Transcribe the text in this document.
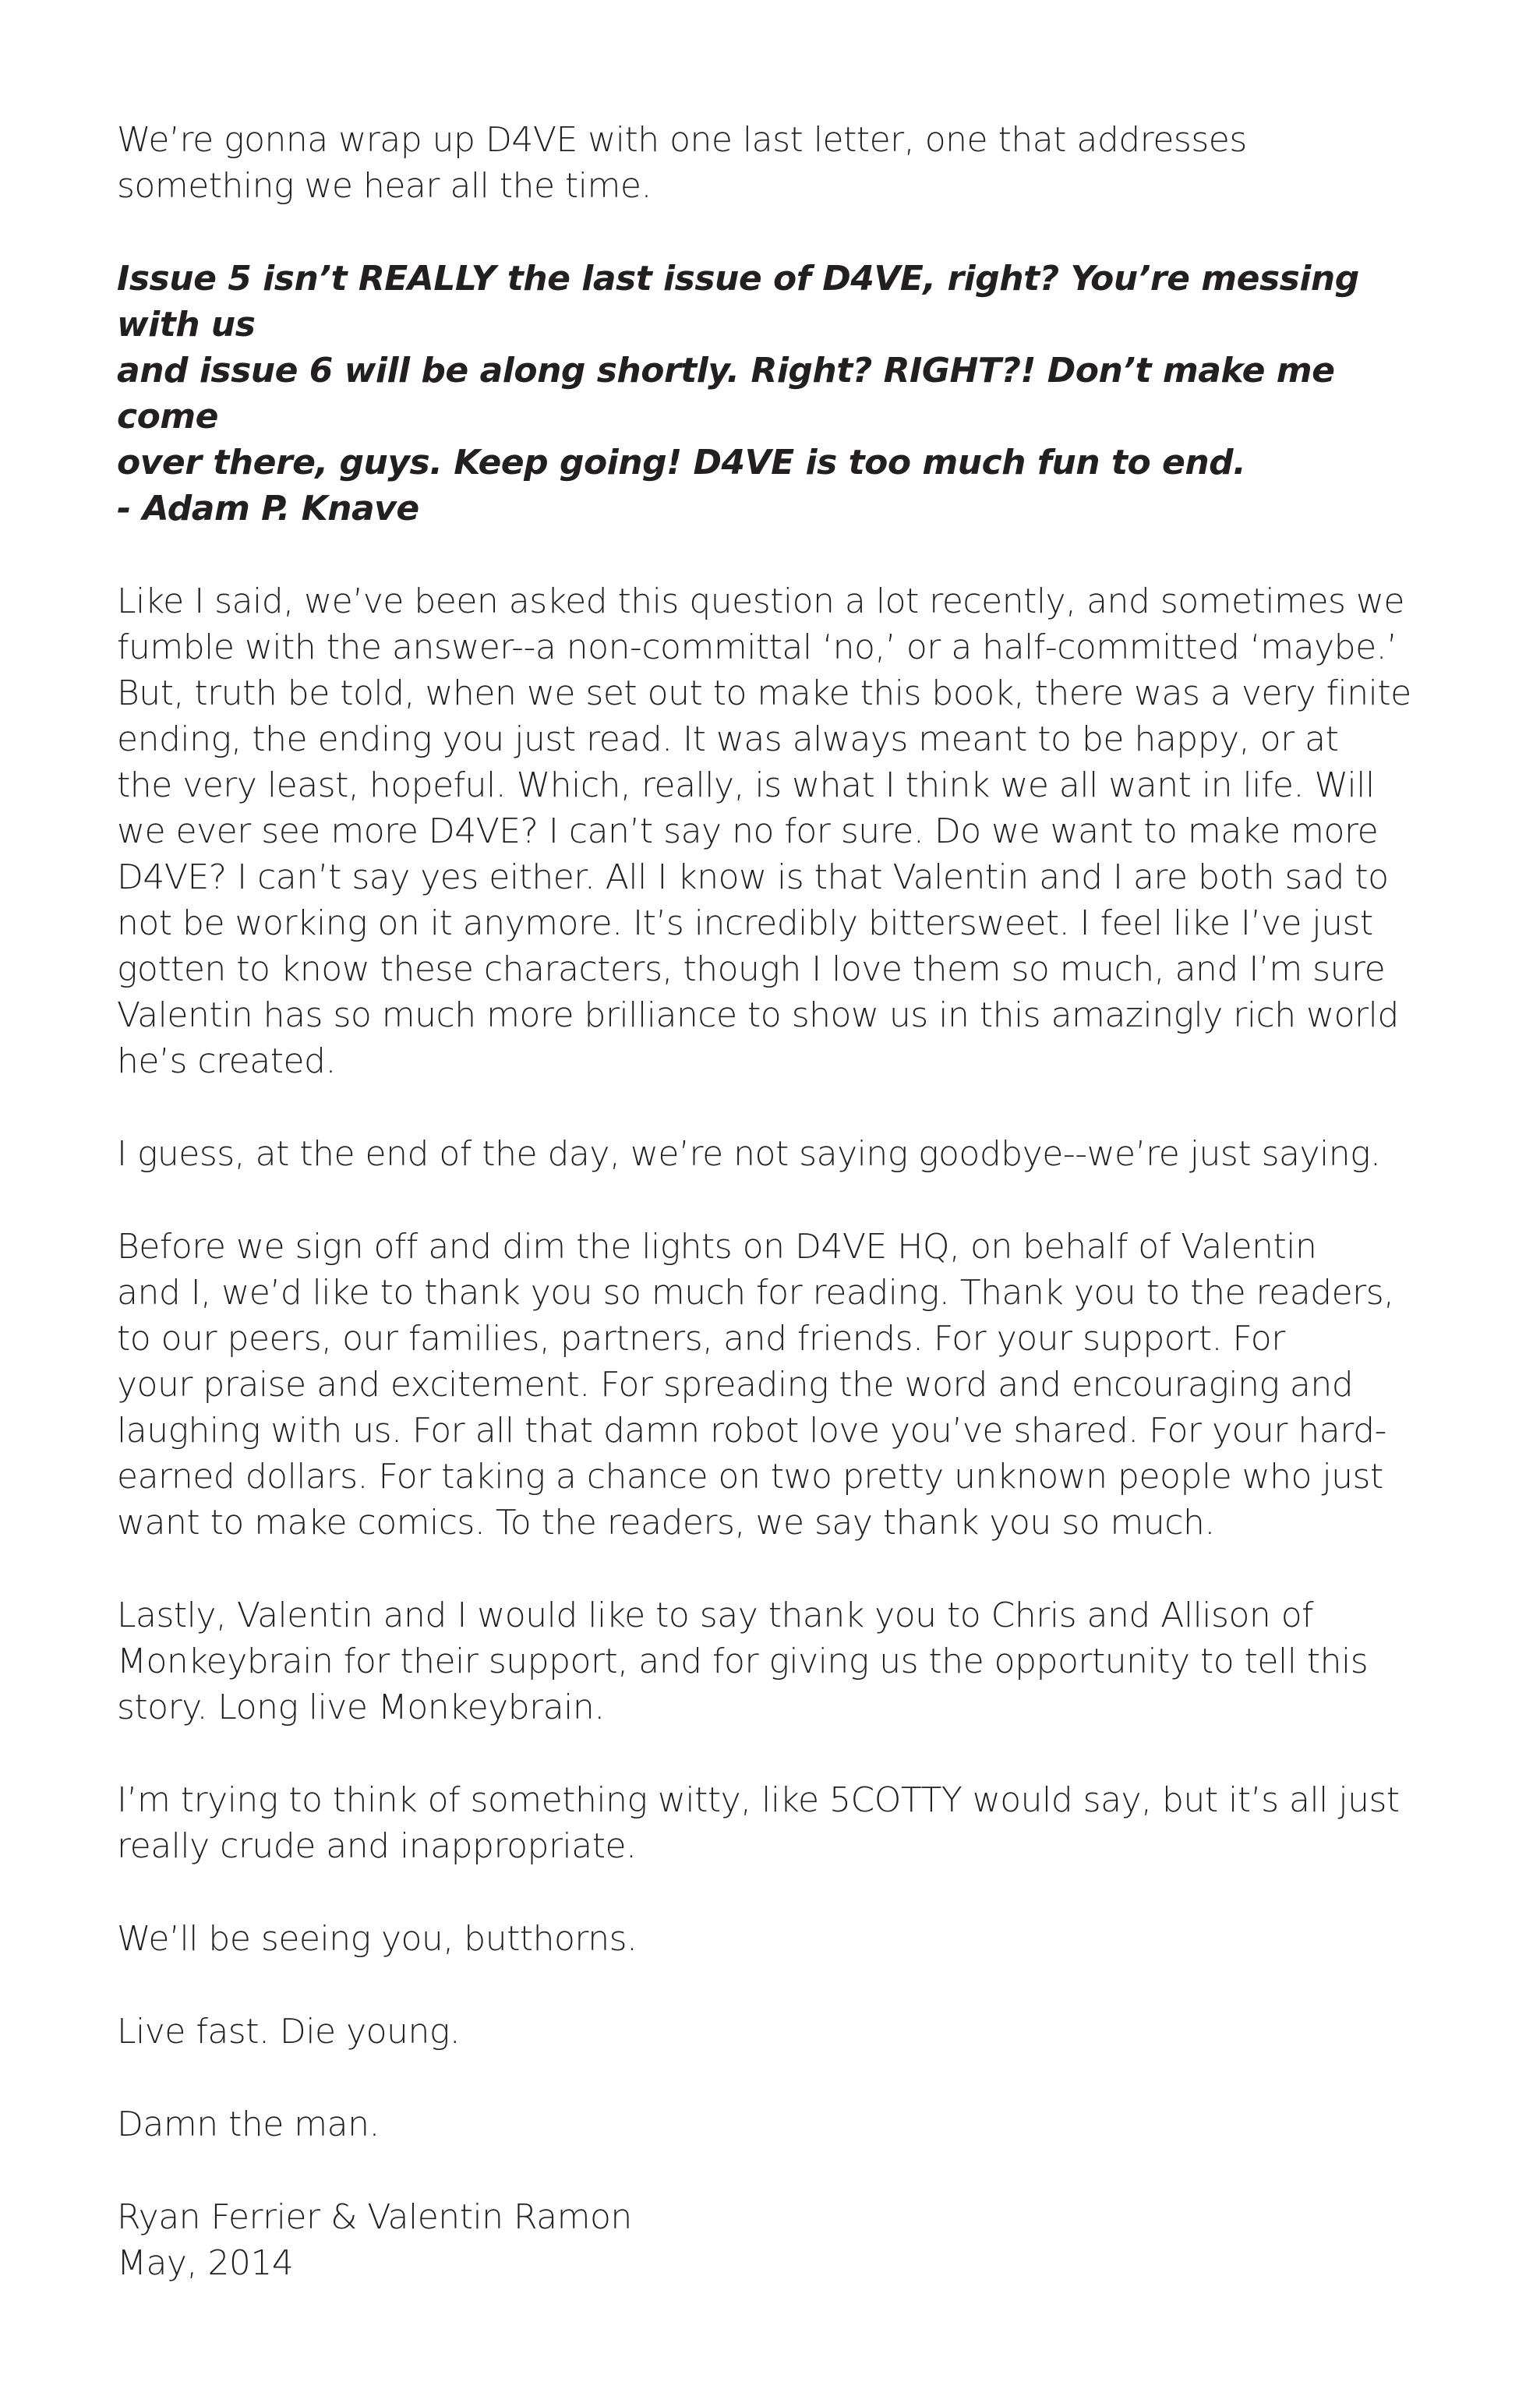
We’re gonna wrap up D4VE with one last letter, one that addresses
something we hear all the time.

Issue 5 isn’t REALLY the last issue of D4VE, right? You’re messing with us
and issue 6 will be along shortly. Right? RIGHT?! Don’t make me come
over there, guys. Keep going! D4VE is too much fun to end.
- Adam P. Knave

Like I said, we’ve been asked this question a lot recently, and sometimes we
fumble with the answer--a non-committal ‘no,’ or a half-committed ‘maybe.’
But, truth be told, when we set out to make this book, there was a very finite
ending, the ending you just read. It was always meant to be happy, or at
the very least, hopeful. Which, really, is what I think we all want in life. Will
we ever see more D4VE? I can’t say no for sure. Do we want to make more
D4VE? I can’t say yes either. All I know is that Valentin and I are both sad to
not be working on it anymore. It’s incredibly bittersweet. I feel like I’ve just
gotten to know these characters, though I love them so much, and I’m sure
Valentin has so much more brilliance to show us in this amazingly rich world
he’s created.

I guess, at the end of the day, we’re not saying goodbye--we’re just saying.

Before we sign off and dim the lights on D4VE HQ, on behalf of Valentin
and I, we’d like to thank you so much for reading. Thank you to the readers,
to our peers, our families, partners, and friends. For your support. For
your praise and excitement. For spreading the word and encouraging and
laughing with us. For all that damn robot love you’ve shared. For your hard-
earned dollars. For taking a chance on two pretty unknown people who just
want to make comics. To the readers, we say thank you so much.

Lastly, Valentin and I would like to say thank you to Chris and Allison of
Monkeybrain for their support, and for giving us the opportunity to tell this
story. Long live Monkeybrain.

I’m trying to think of something witty, like 5COTTY would say, but it’s all just
really crude and inappropriate.

We’ll be seeing you, butthorns.

Live fast. Die young.

Damn the man.

Ryan Ferrier & Valentin Ramon
May, 2014
